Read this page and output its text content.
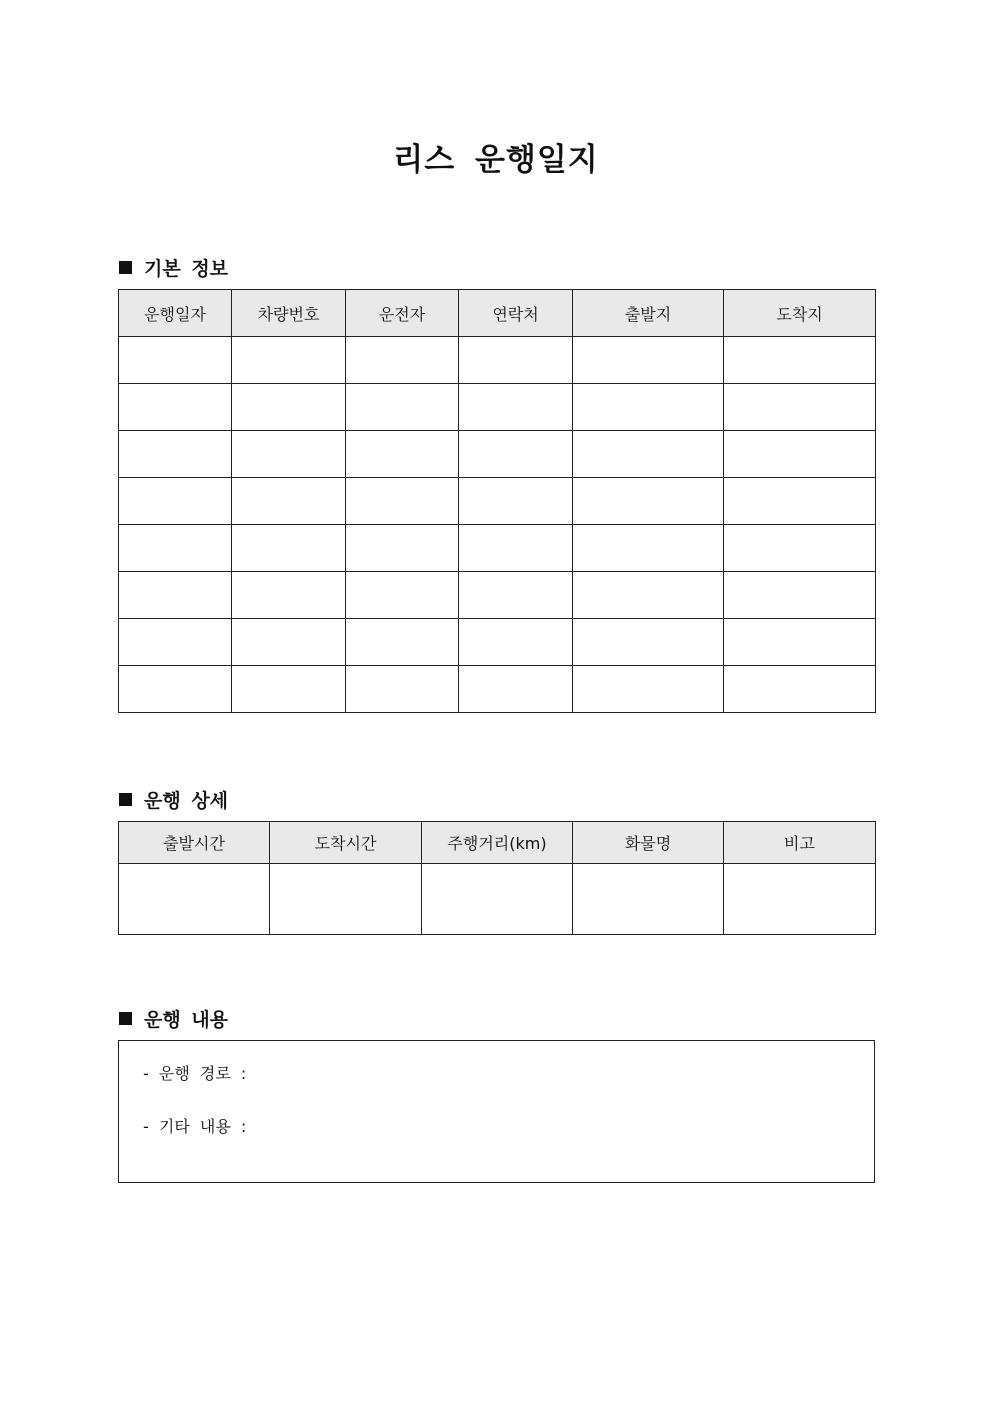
리스 운행일지
기본 정보
운행일자	차량번호	운전자	연락처	출발지	도착지

운행 상세
출발시간	도착시간	주행거리(km)	화물명	비고

운행 내용
- 운행 경로 :
- 기타 내용 :
